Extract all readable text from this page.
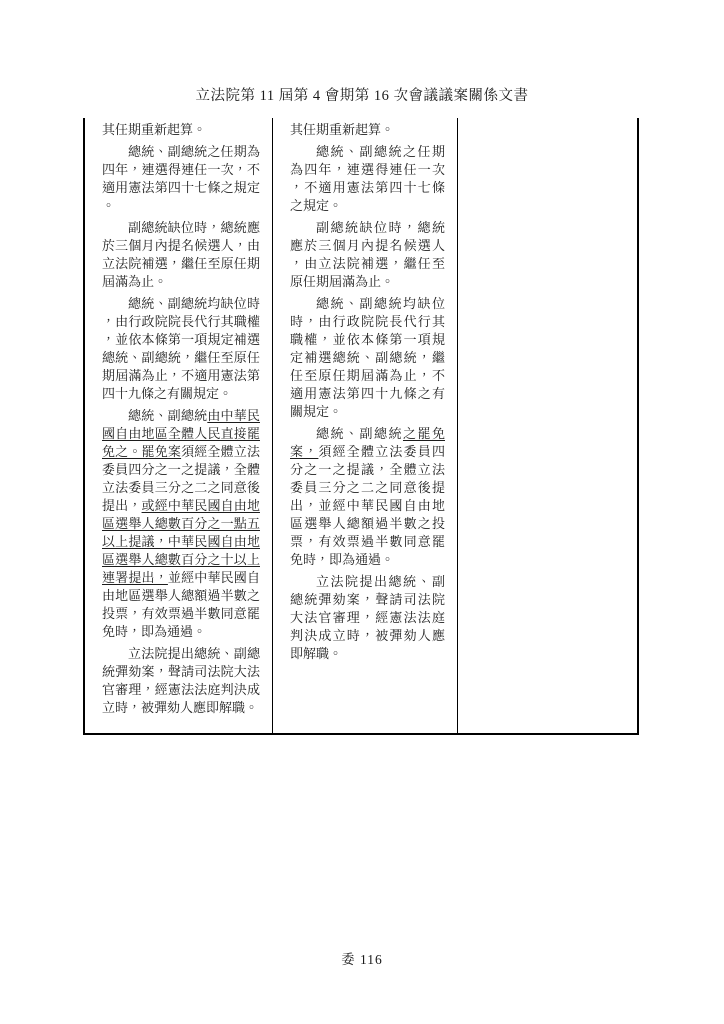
立法院第 11 屆第 4 會期第 16 次會議議案關係文書

其任期重新起算。

總統、副總統之任期為四年，連選得連任一次，不適用憲法第四十七條之規定。

副總統缺位時，總統應於三個月內提名候選人，由立法院補選，繼任至原任期屆滿為止。

總統、副總統均缺位時，由行政院院長代行其職權，並依本條第一項規定補選總統、副總統，繼任至原任期屆滿為止，不適用憲法第四十九條之有關規定。

總統、副總統由中華民國自由地區全體人民直接罷免之。罷免案須經全體立法委員四分之一之提議，全體立法委員三分之二之同意後提出，或經中華民國自由地區選舉人總數百分之一點五以上提議，中華民國自由地區選舉人總數百分之十以上連署提出，並經中華民國自由地區選舉人總額過半數之投票，有效票過半數同意罷免時，即為通過。

立法院提出總統、副總統彈劾案，聲請司法院大法官審理，經憲法法庭判決成立時，被彈劾人應即解職。

其任期重新起算。

總統、副總統之任期為四年，連選得連任一次，不適用憲法第四十七條之規定。

副總統缺位時，總統應於三個月內提名候選人，由立法院補選，繼任至原任期屆滿為止。

總統、副總統均缺位時，由行政院院長代行其職權，並依本條第一項規定補選總統、副總統，繼任至原任期屆滿為止，不適用憲法第四十九條之有關規定。

總統、副總統之罷免案，須經全體立法委員四分之一之提議，全體立法委員三分之二之同意後提出，並經中華民國自由地區選舉人總額過半數之投票，有效票過半數同意罷免時，即為通過。

立法院提出總統、副總統彈劾案，聲請司法院大法官審理，經憲法法庭判決成立時，被彈劾人應即解職。

委 116
